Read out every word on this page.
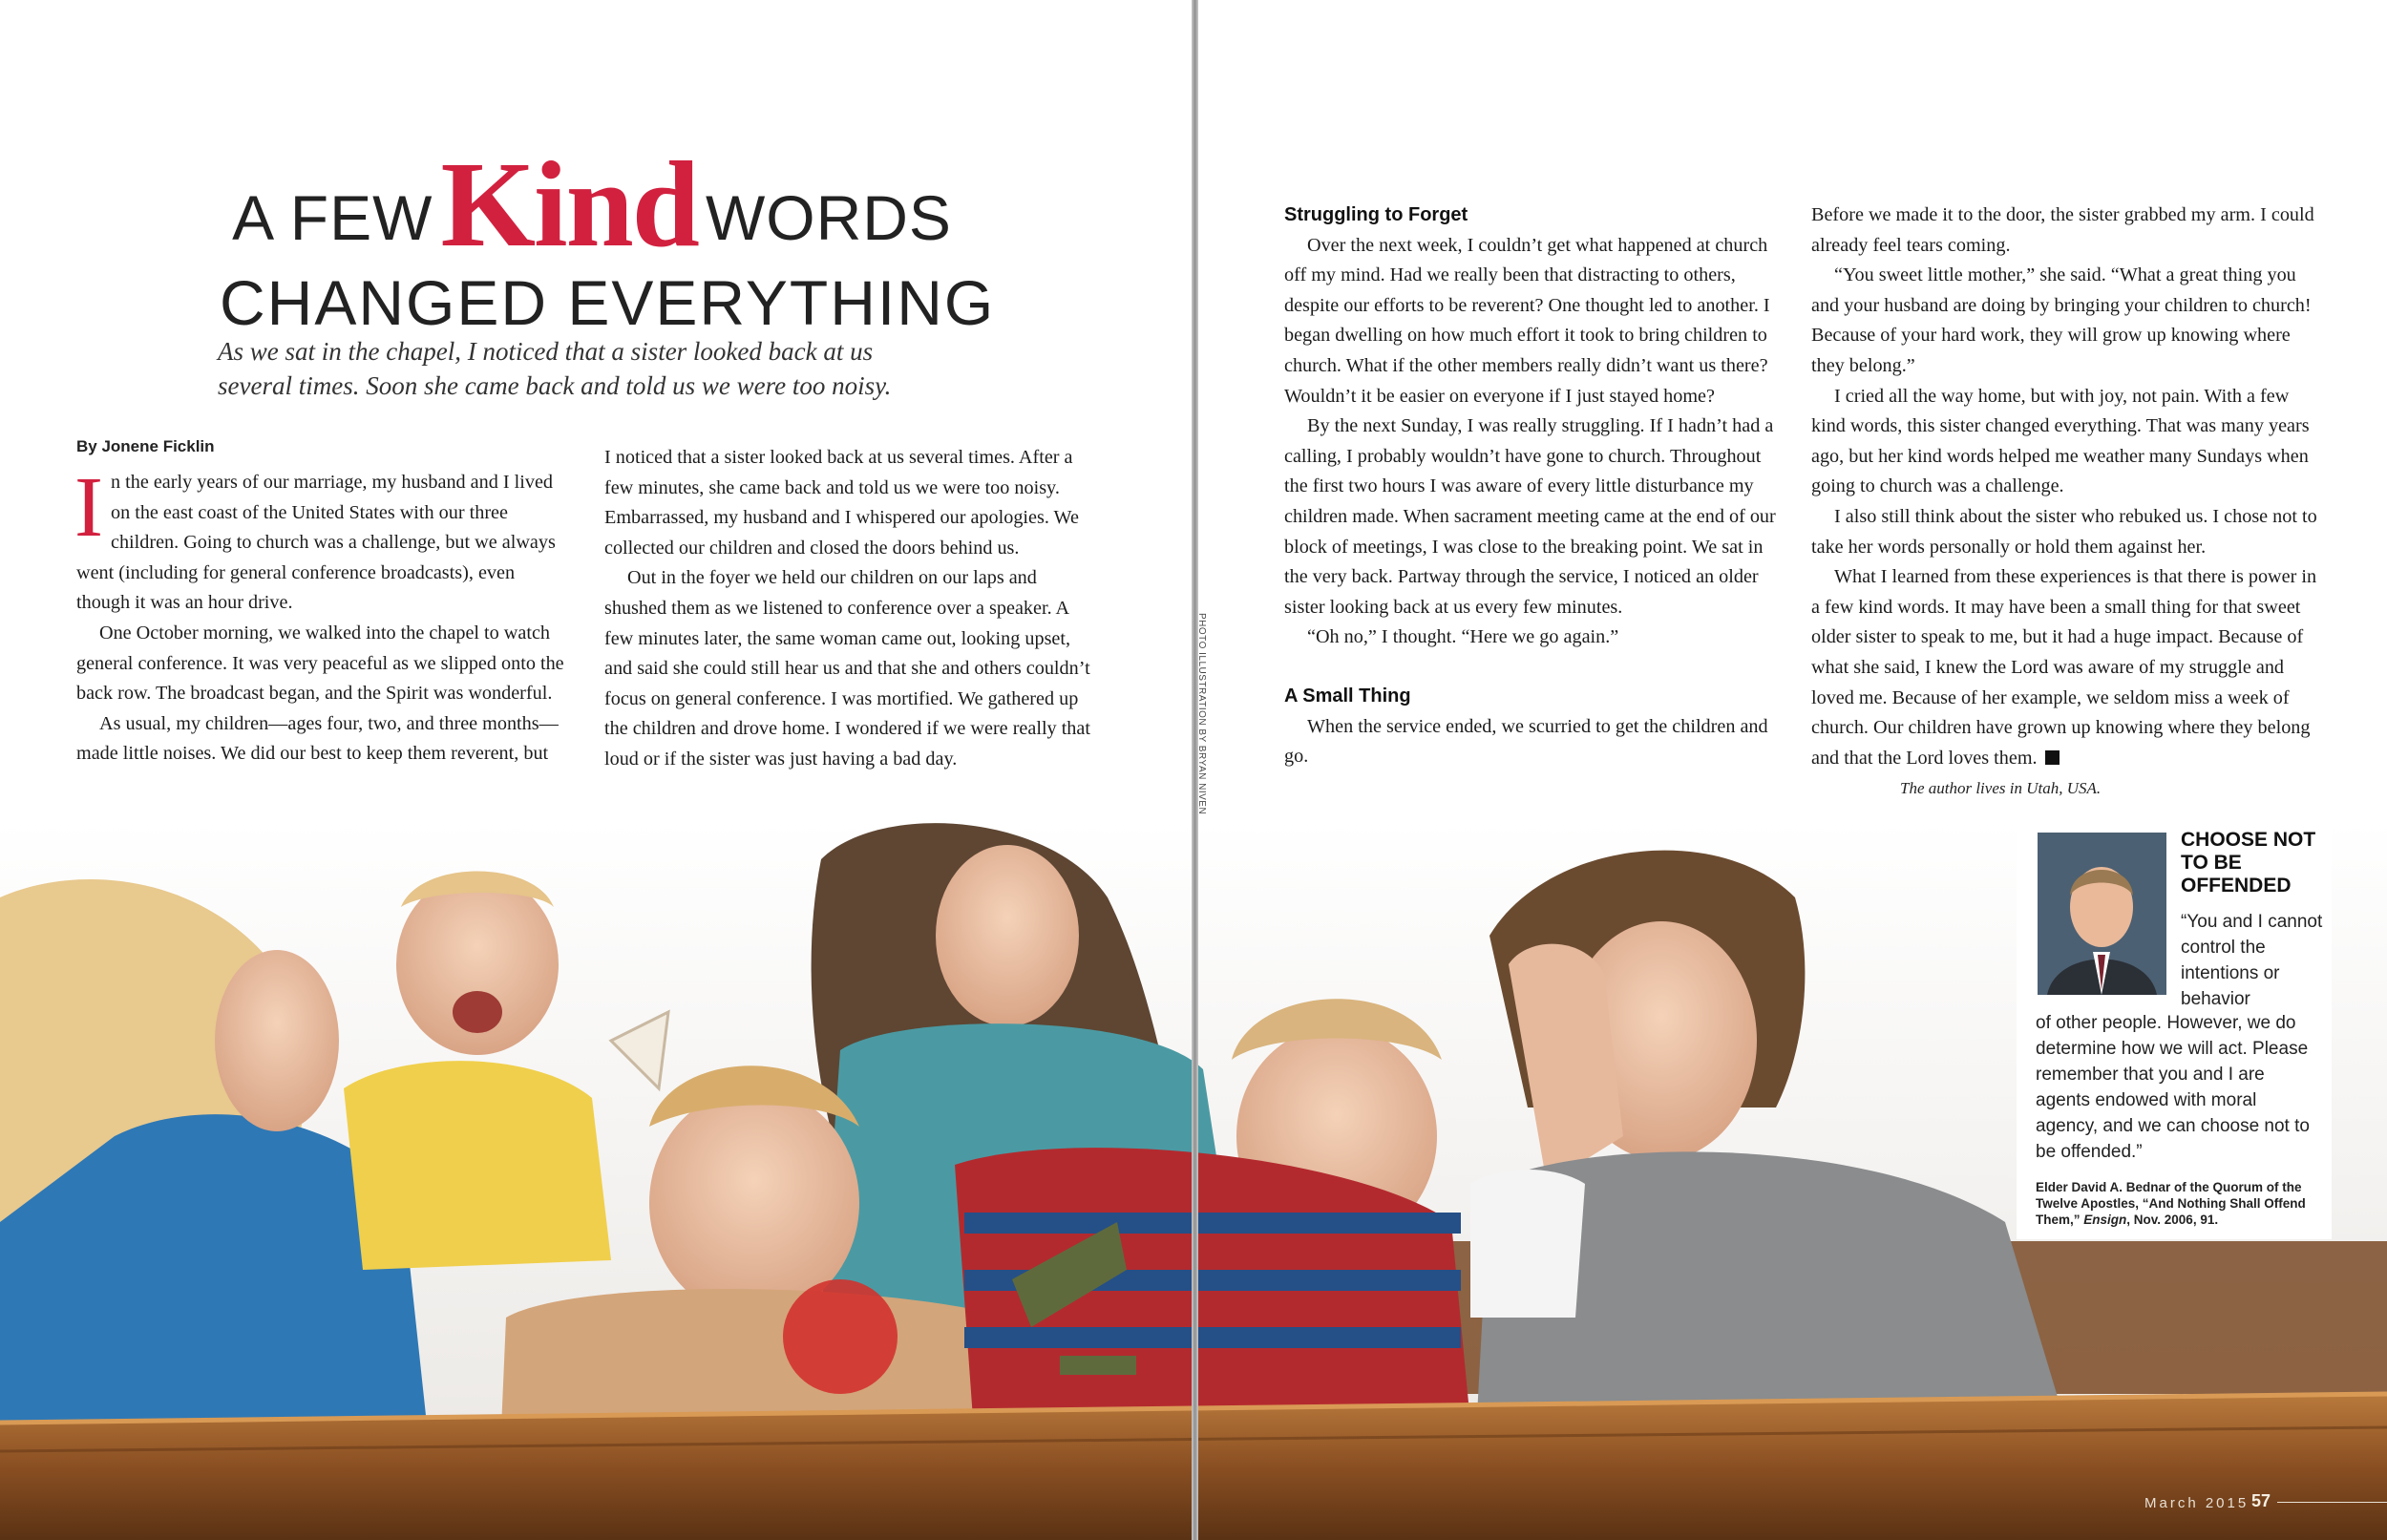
A FEWKind WORDS
CHANGED EVERYTHING
As we sat in the chapel, I noticed that a sister looked back at us
several times. Soon she came back and told us we were too noisy.
By Jonene Ficklin

In the early years of our marriage, my husband and I lived on the east coast of the United States with our three children. Going to church was a challenge, but we always went (including for general conference broadcasts), even though it was an hour drive.

One October morning, we walked into the chapel to watch general conference. It was very peaceful as we slipped onto the back row. The broadcast began, and the Spirit was wonderful.

As usual, my children—ages four, two, and three months—made little noises. We did our best to keep them reverent, but

I noticed that a sister looked back at us several times. After a few minutes, she came back and told us we were too noisy. Embarrassed, my husband and I whispered our apologies. We collected our children and closed the doors behind us.

Out in the foyer we held our children on our laps and shushed them as we listened to conference over a speaker. A few minutes later, the same woman came out, looking upset, and said she could still hear us and that she and others couldn’t focus on general conference. I was mortified. We gathered up the children and drove home. I wondered if we were really that loud or if the sister was just having a bad day.

Struggling to Forget

Over the next week, I couldn’t get what happened at church off my mind. Had we really been that distracting to others, despite our efforts to be reverent? One thought led to another. I began dwelling on how much effort it took to bring children to church. What if the other members really didn’t want us there? Wouldn’t it be easier on everyone if I just stayed home?

By the next Sunday, I was really struggling. If I hadn’t had a calling, I probably wouldn’t have gone to church. Throughout the first two hours I was aware of every little disturbance my children made. When sacrament meeting came at the end of our block of meetings, I was close to the breaking point. We sat in the very back. Partway through the service, I noticed an older sister looking back at us every few minutes.

“Oh no,” I thought. “Here we go again.”

A Small Thing

When the service ended, we scurried to get the children and go.

Before we made it to the door, the sister grabbed my arm. I could already feel tears coming.

“You sweet little mother,” she said. “What a great thing you and your husband are doing by bringing your children to church! Because of your hard work, they will grow up knowing where they belong.”

I cried all the way home, but with joy, not pain. With a few kind words, this sister changed everything. That was many years ago, but her kind words helped me weather many Sundays when going to church was a challenge.

I also still think about the sister who rebuked us. I chose not to take her words personally or hold them against her.

What I learned from these experiences is that there is power in a few kind words. It may have been a small thing for that sweet older sister to speak to me, but it had a huge impact. Because of what she said, I knew the Lord was aware of my struggle and loved me. Because of her example, we seldom miss a week of church. Our children have grown up knowing where they belong and that the Lord loves them.

The author lives in Utah, USA.
PHOTO ILLUSTRATION BY BRYAN NIVEN
CHOOSE NOT TO BE OFFENDED
“You and I cannot control the intentions or behavior
of other people. However, we do determine how we will act. Please remember that you and I are agents endowed with moral agency, and we can choose not to be offended.”
Elder David A. Bednar of the Quorum of the Twelve Apostles, “And Nothing Shall Offend Them,” Ensign, Nov. 2006, 91.
March 2015 57
